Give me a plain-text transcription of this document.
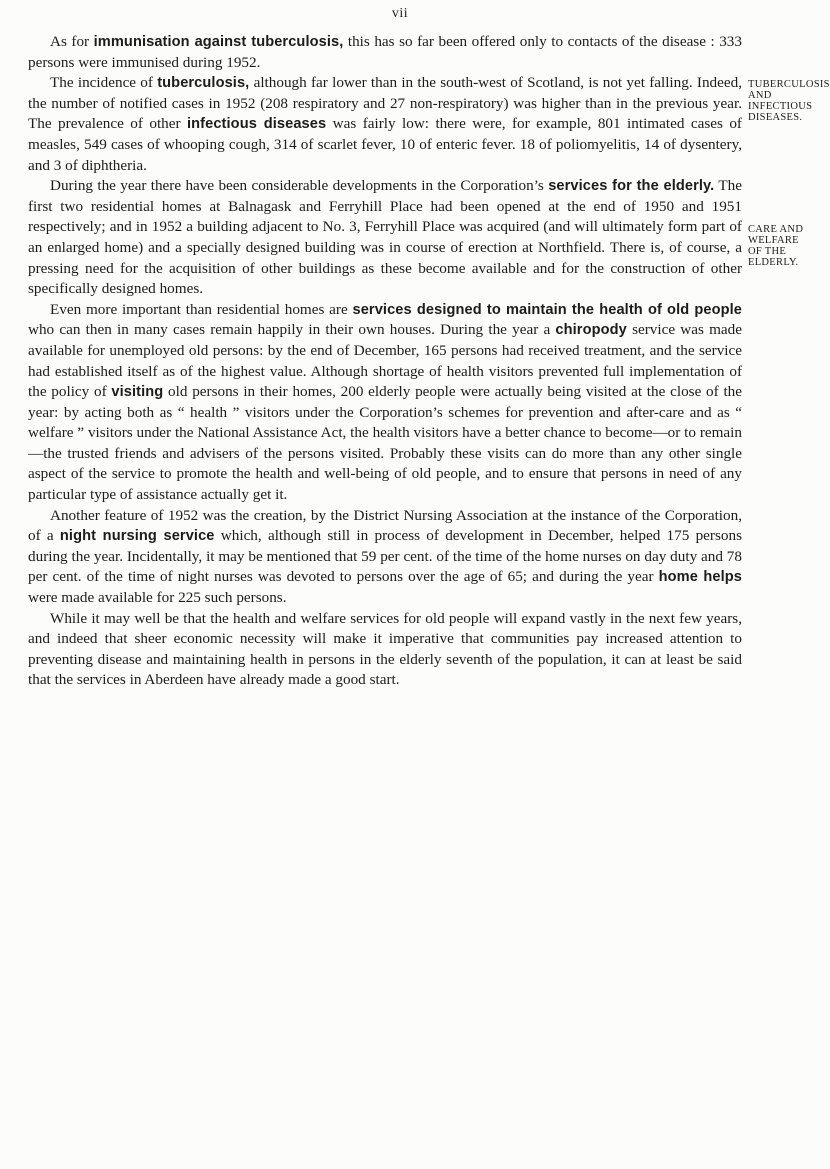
vii

As for immunisation against tuberculosis, this has so far been offered only to contacts of the disease : 333 persons were immunised during 1952.

The incidence of tuberculosis, although far lower than in the south-west of Scotland, is not yet falling. Indeed, the number of notified cases in 1952 (208 respiratory and 27 non-respiratory) was higher than in the previous year. The prevalence of other infectious diseases was fairly low: there were, for example, 801 intimated cases of measles, 549 cases of whooping cough, 314 of scarlet fever, 10 of enteric fever. 18 of poliomyelitis, 14 of dysentery, and 3 of diphtheria.

During the year there have been considerable developments in the Corporation’s services for the elderly. The first two residential homes at Balnagask and Ferryhill Place had been opened at the end of 1950 and 1951 respectively; and in 1952 a building adjacent to No. 3, Ferryhill Place was acquired (and will ultimately form part of an enlarged home) and a specially designed building was in course of erection at Northfield. There is, of course, a pressing need for the acquisition of other buildings as these become available and for the construction of other specifically designed homes.

Even more important than residential homes are services designed to maintain the health of old people who can then in many cases remain happily in their own houses. During the year a chiropody service was made available for unemployed old persons: by the end of December, 165 persons had received treatment, and the service had established itself as of the highest value. Although shortage of health visitors prevented full implementation of the policy of visiting old persons in their homes, 200 elderly people were actually being visited at the close of the year: by acting both as “ health ” visitors under the Corporation’s schemes for prevention and after-care and as “ welfare ” visitors under the National Assistance Act, the health visitors have a better chance to become—or to remain—the trusted friends and advisers of the persons visited. Probably these visits can do more than any other single aspect of the service to promote the health and well-being of old people, and to ensure that persons in need of any particular type of assistance actually get it.

Another feature of 1952 was the creation, by the District Nursing Association at the instance of the Corporation, of a night nursing service which, although still in process of development in December, helped 175 persons during the year. Incidentally, it may be mentioned that 59 per cent. of the time of the home nurses on day duty and 78 per cent. of the time of night nurses was devoted to persons over the age of 65; and during the year home helps were made available for 225 such persons.

While it may well be that the health and welfare services for old people will expand vastly in the next few years, and indeed that sheer economic necessity will make it imperative that communities pay increased attention to preventing disease and maintaining health in persons in the elderly seventh of the population, it can at least be said that the services in Aberdeen have already made a good start.

TUBERCULOSIS
AND
INFECTIOUS
DISEASES.
CARE AND
WELFARE
OF THE
ELDERLY.
